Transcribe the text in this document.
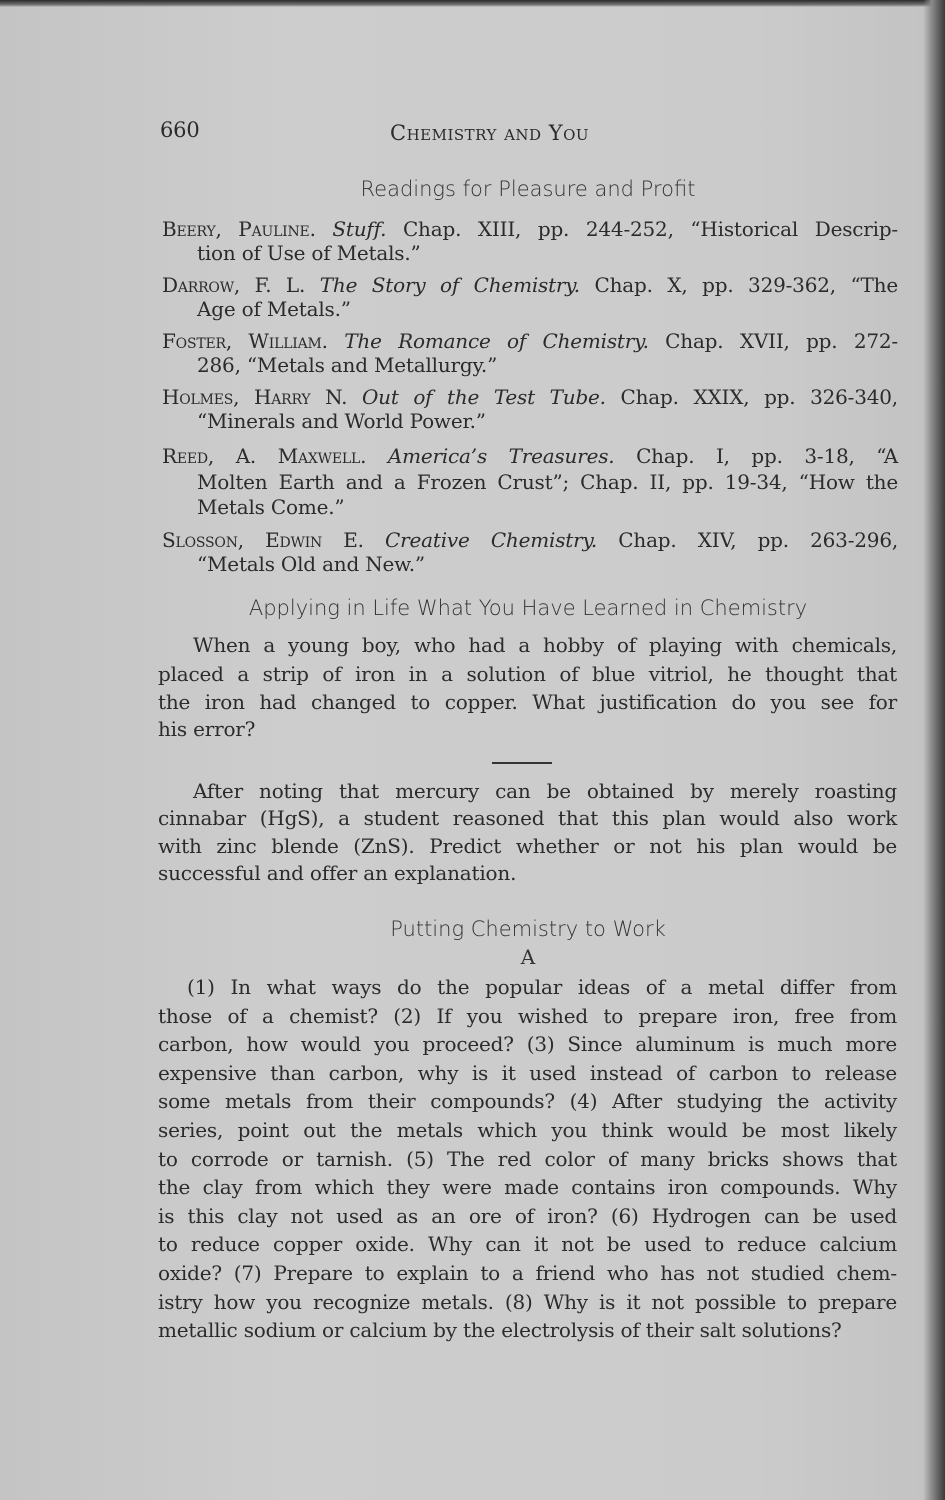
660	Chemistry and You
Readings for Pleasure and Profit
Beery, Pauline. Stuff. Chap. XIII, pp. 244-252, “Historical Descrip-
tion of Use of Metals.”
Darrow, F. L. The Story of Chemistry. Chap. X, pp. 329-362, “The
Age of Metals.”
Foster, William. The Romance of Chemistry. Chap. XVII, pp. 272-
286, “Metals and Metallurgy.”
Holmes, Harry N. Out of the Test Tube. Chap. XXIX, pp. 326-340,
“Minerals and World Power.”
Reed, A. Maxwell. America’s Treasures. Chap. I, pp. 3-18, “A
Molten Earth and a Frozen Crust”; Chap. II, pp. 19-34, “How the
Metals Come.”
Slosson, Edwin E. Creative Chemistry. Chap. XIV, pp. 263-296,
“Metals Old and New.”
Applying in Life What You Have Learned in Chemistry
When a young boy, who had a hobby of playing with chemicals,
placed a strip of iron in a solution of blue vitriol, he thought that
the iron had changed to copper. What justification do you see for
his error?
After noting that mercury can be obtained by merely roasting
cinnabar (HgS), a student reasoned that this plan would also work
with zinc blende (ZnS). Predict whether or not his plan would be
successful and offer an explanation.
Putting Chemistry to Work
A
(1) In what ways do the popular ideas of a metal differ from
those of a chemist? (2) If you wished to prepare iron, free from
carbon, how would you proceed? (3) Since aluminum is much more
expensive than carbon, why is it used instead of carbon to release
some metals from their compounds? (4) After studying the activity
series, point out the metals which you think would be most likely
to corrode or tarnish. (5) The red color of many bricks shows that
the clay from which they were made contains iron compounds. Why
is this clay not used as an ore of iron? (6) Hydrogen can be used
to reduce copper oxide. Why can it not be used to reduce calcium
oxide? (7) Prepare to explain to a friend who has not studied chem-
istry how you recognize metals. (8) Why is it not possible to prepare
metallic sodium or calcium by the electrolysis of their salt solutions?
